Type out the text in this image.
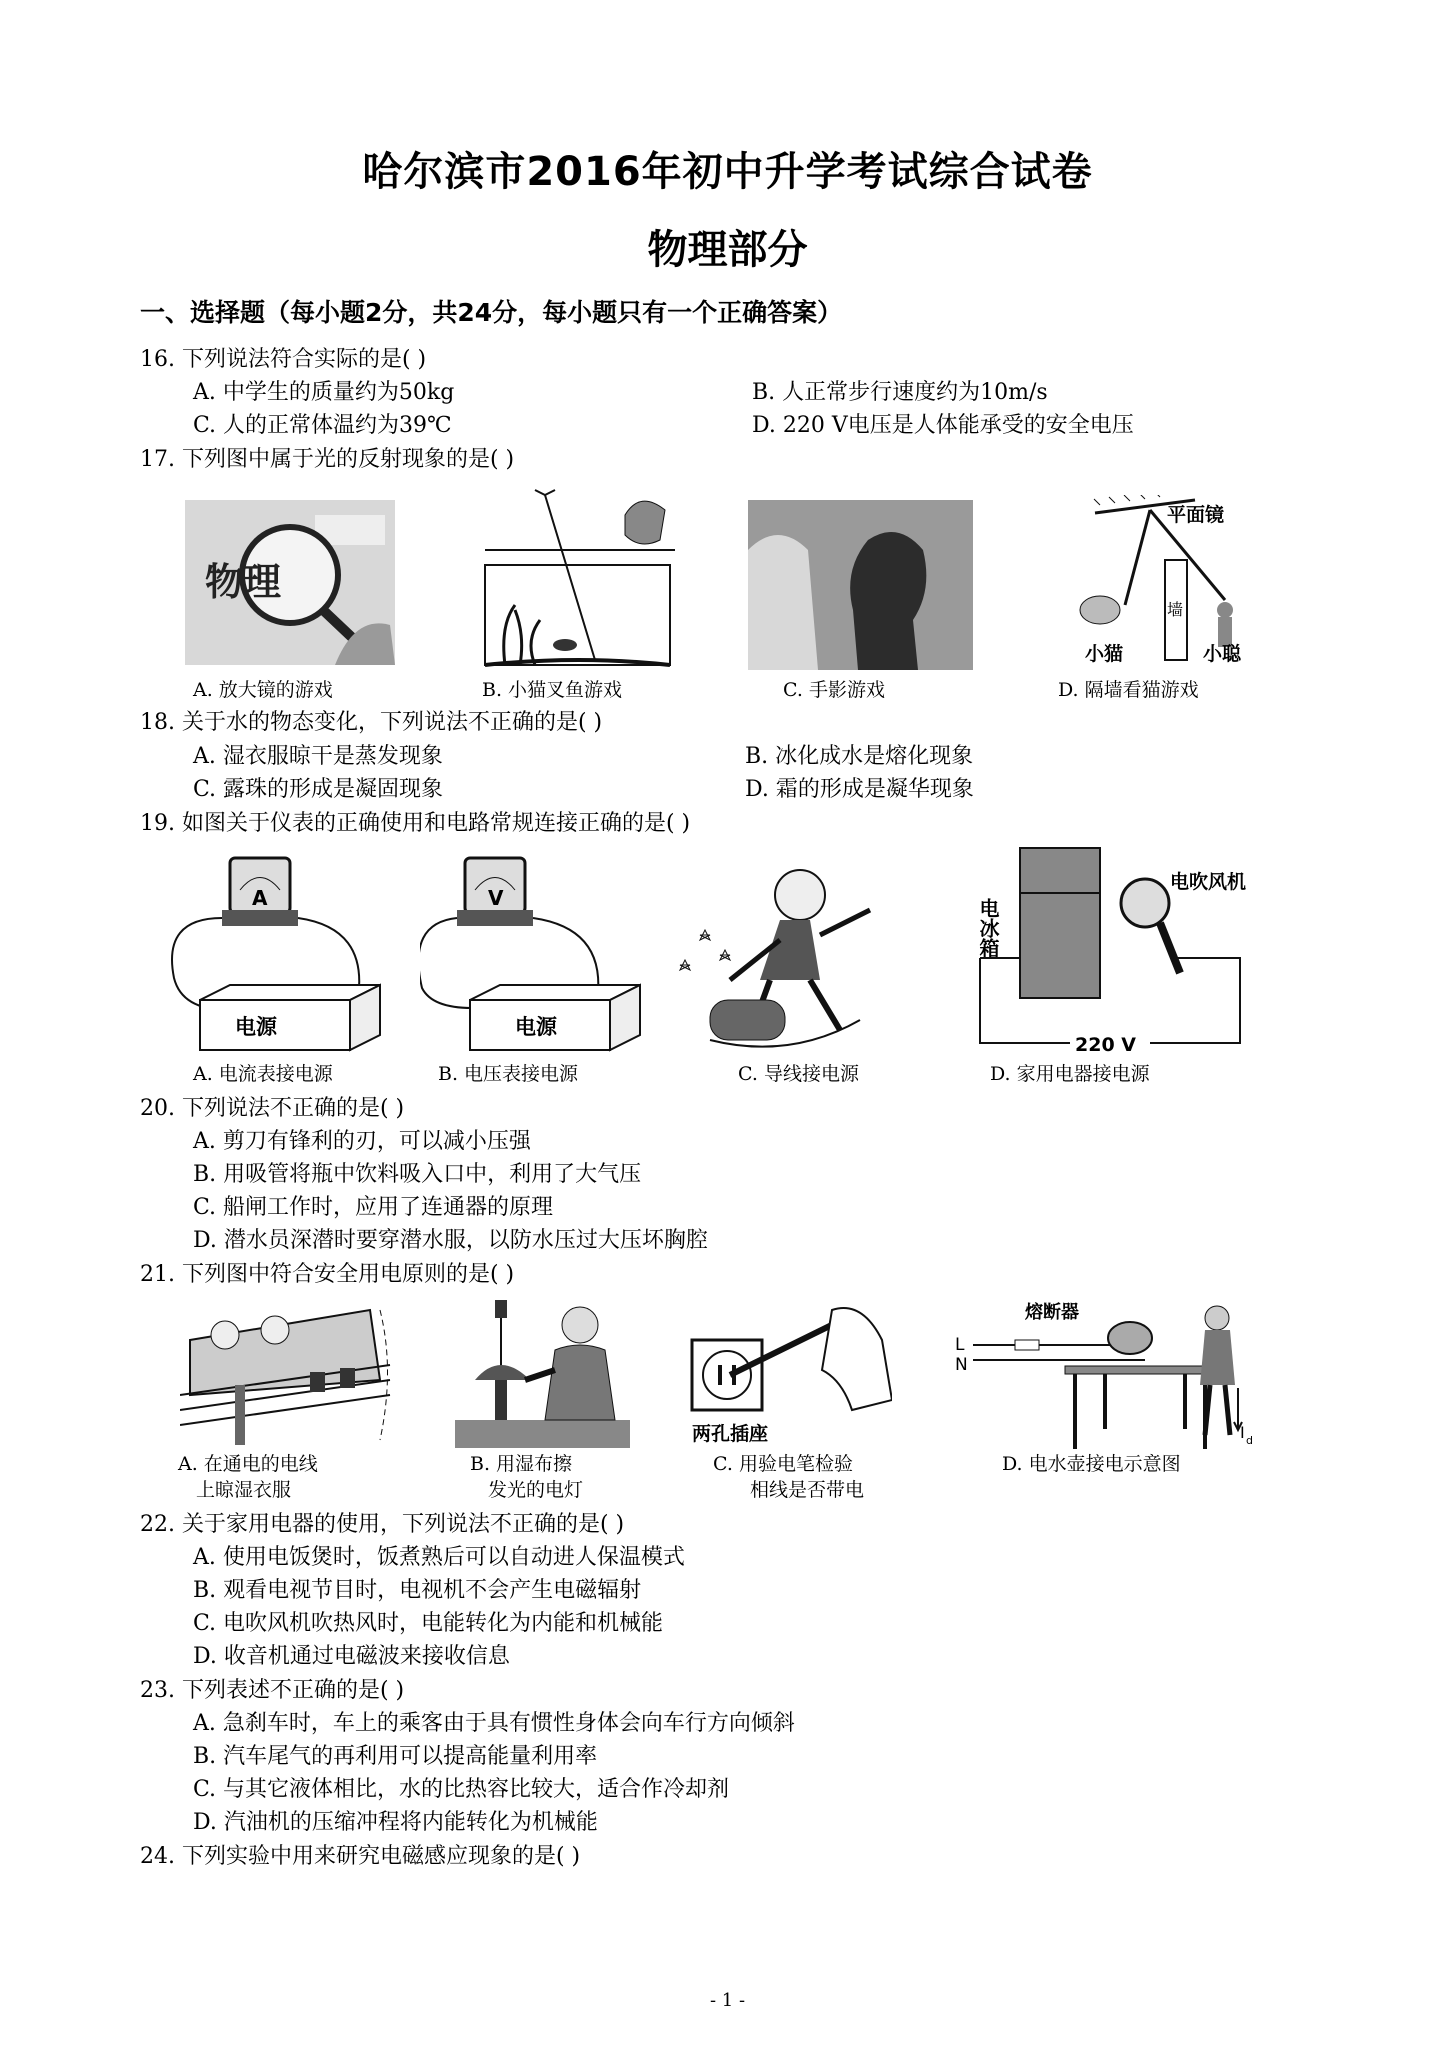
哈尔滨市2016年初中升学考试综合试卷
物理部分
一、选择题（每小题2分，共24分，每小题只有一个正确答案）
16. 下列说法符合实际的是( )
A. 中学生的质量约为50kg	B. 人正常步行速度约为10m/s
C. 人的正常体温约为39℃	D. 220 V电压是人体能承受的安全电压
17. 下列图中属于光的反射现象的是( )
物理
平面镜
墙
小猫	小聪
A. 放大镜的游戏	B. 小猫叉鱼游戏	C. 手影游戏	D. 隔墙看猫游戏
18. 关于水的物态变化，下列说法不正确的是( )
A. 湿衣服晾干是蒸发现象	B. 冰化成水是熔化现象
C. 露珠的形成是凝固现象	D. 霜的形成是凝华现象
19. 如图关于仪表的正确使用和电路常规连接正确的是( )
A
电源
V
电源
电冰箱
电吹风机
220 V
A. 电流表接电源	B. 电压表接电源	C. 导线接电源	D. 家用电器接电源
20. 下列说法不正确的是( )
A. 剪刀有锋利的刃，可以减小压强
B. 用吸管将瓶中饮料吸入口中，利用了大气压
C. 船闸工作时，应用了连通器的原理
D. 潜水员深潜时要穿潜水服，以防水压过大压坏胸腔
21. 下列图中符合安全用电原则的是( )
两孔插座
熔断器
L
N
I d
A. 在通电的电线
上晾湿衣服
B. 用湿布擦
发光的电灯
C. 用验电笔检验
相线是否带电
D. 电水壶接电示意图
22. 关于家用电器的使用，下列说法不正确的是( )
A. 使用电饭煲时，饭煮熟后可以自动进人保温模式
B. 观看电视节目时，电视机不会产生电磁辐射
C. 电吹风机吹热风时，电能转化为内能和机械能
D. 收音机通过电磁波来接收信息
23. 下列表述不正确的是( )
A. 急刹车时，车上的乘客由于具有惯性身体会向车行方向倾斜
B. 汽车尾气的再利用可以提高能量利用率
C. 与其它液体相比，水的比热容比较大，适合作冷却剂
D. 汽油机的压缩冲程将内能转化为机械能
24. 下列实验中用来研究电磁感应现象的是( )
- 1 -
